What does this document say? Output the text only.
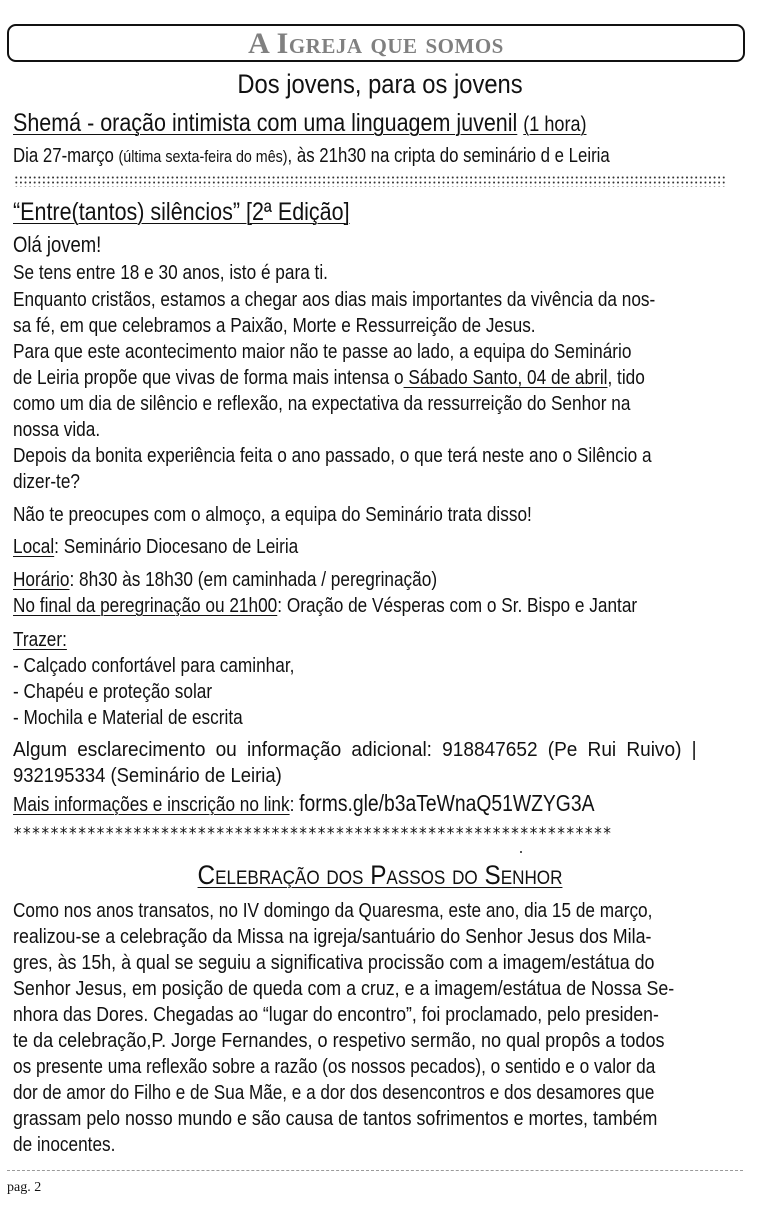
A Igreja que somos
Dos jovens, para os jovens
Shemá - oração intimista com uma linguagem juvenil (1 hora)
Dia 27-março (última sexta-feira do mês), às 21h30 na cripta do seminário d e Leiria
“Entre(tantos) silêncios” [2ª Edição]
Olá jovem!
Se tens entre 18 e 30 anos, isto é para ti.
Enquanto cristãos, estamos a chegar aos dias mais importantes da vivência da nos-
sa fé, em que celebramos a Paixão, Morte e Ressurreição de Jesus.
Para que este acontecimento maior não te passe ao lado, a equipa do Seminário
de Leiria propõe que vivas de forma mais intensa o Sábado Santo, 04 de abril, tido
como um dia de silêncio e reflexão, na expectativa da ressurreição do Senhor na
nossa vida.
Depois da bonita experiência feita o ano passado, o que terá neste ano o Silêncio a
dizer-te?
Não te preocupes com o almoço, a equipa do Seminário trata disso!
Local: Seminário Diocesano de Leiria
Horário: 8h30 às 18h30 (em caminhada / peregrinação)
No final da peregrinação ou 21h00: Oração de Vésperas com o Sr. Bispo e Jantar
Trazer:
- Calçado confortável para caminhar,
- Chapéu e proteção solar
- Mochila e Material de escrita
Algum esclarecimento ou informação adicional: 918847652 (Pe Rui Ruivo) |
932195334 (Seminário de Leiria)
Mais informações e inscrição no link: forms.gle/b3aTeWnaQ51WZYG3A
*****************************************************************
Celebração dos Passos do Senhor
Como nos anos transatos, no IV domingo da Quaresma, este ano, dia 15 de março,
realizou-se a celebração da Missa na igreja/santuário do Senhor Jesus dos Mila-
gres, às 15h, à qual se seguiu a significativa procissão com a imagem/estátua do
Senhor Jesus, em posição de queda com a cruz, e a imagem/estátua de Nossa Se-
nhora das Dores. Chegadas ao “lugar do encontro”, foi proclamado, pelo presiden-
te da celebração,P. Jorge Fernandes, o respetivo sermão, no qual propôs a todos
os presente uma reflexão sobre a razão (os nossos pecados), o sentido e o valor da
dor de amor do Filho e de Sua Mãe, e a dor dos desencontros e dos desamores que
grassam pelo nosso mundo e são causa de tantos sofrimentos e mortes, também
de inocentes.
pag. 2
